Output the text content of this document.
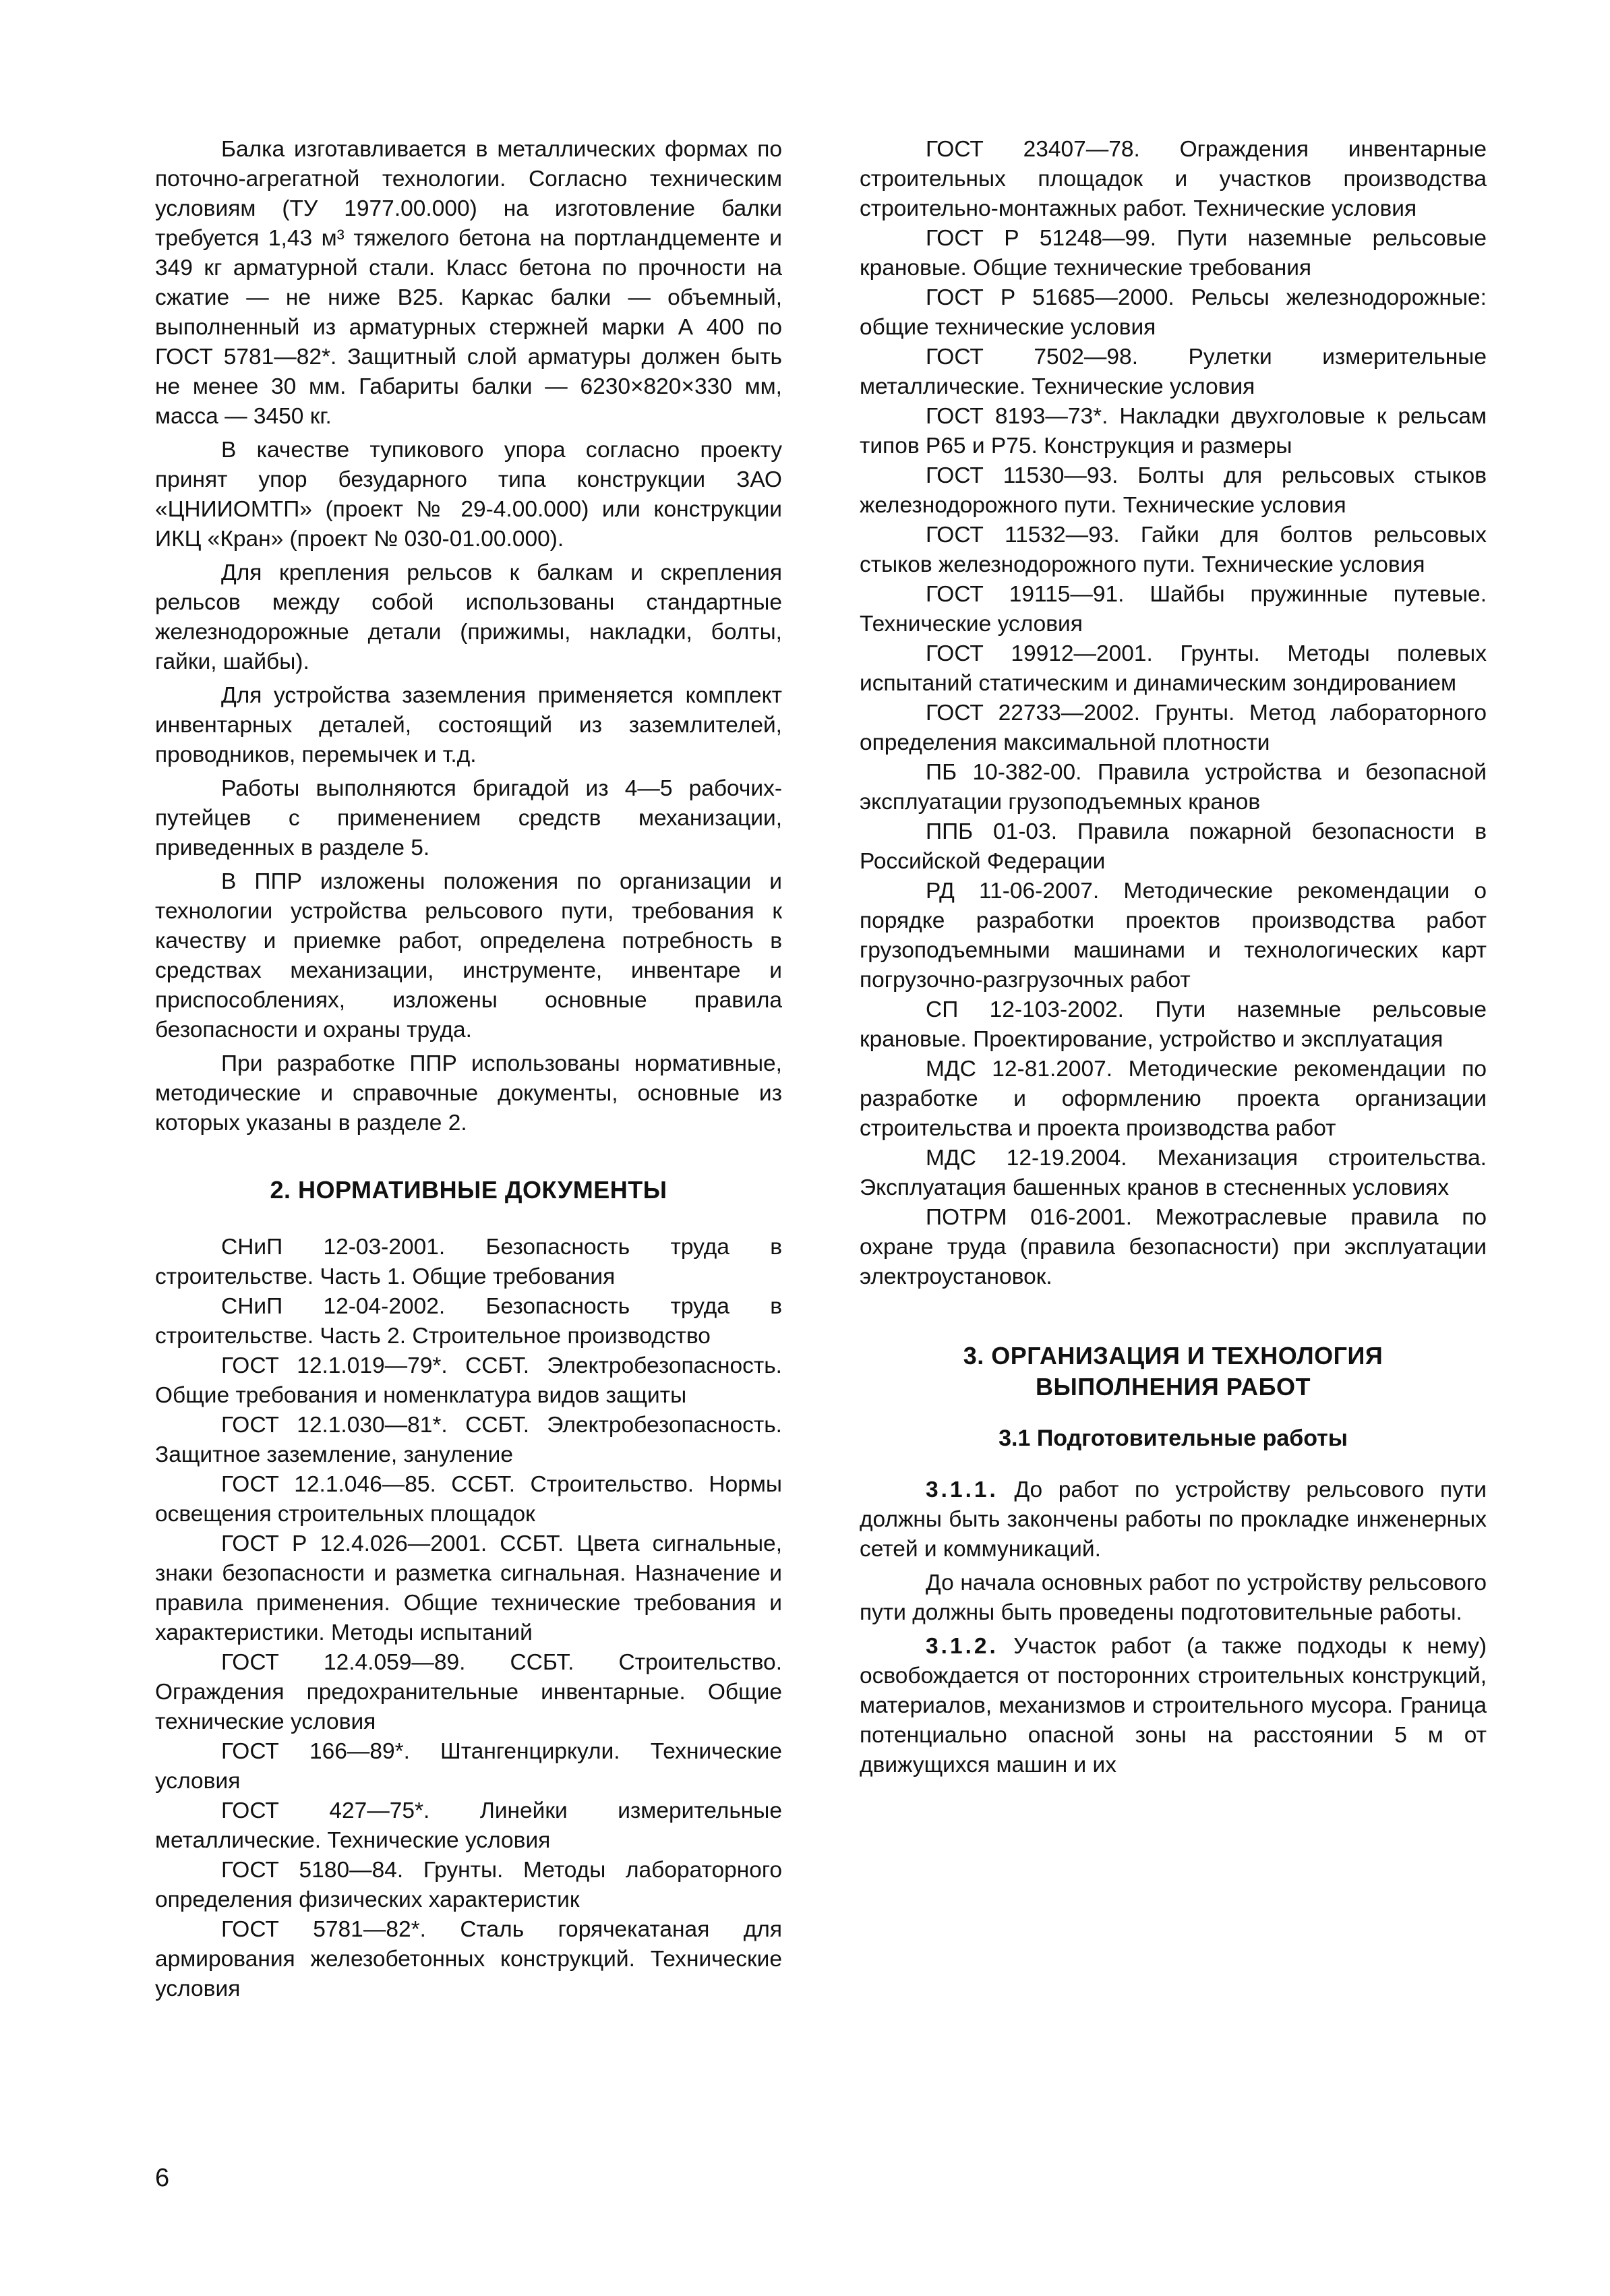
Балка изготавливается в металлических формах по поточно-агрегатной технологии. Согласно техническим условиям (ТУ 1977.00.000) на изготовление балки требуется 1,43 м³ тяжелого бетона на портландцементе и 349 кг арматурной стали. Класс бетона по прочности на сжатие — не ниже В25. Каркас балки — объемный, выполненный из арматурных стержней марки А 400 по ГОСТ 5781—82*. Защитный слой арматуры должен быть не менее 30 мм. Габариты балки — 6230×820×330 мм, масса — 3450 кг.

В качестве тупикового упора согласно проекту принят упор безударного типа конструкции ЗАО «ЦНИИОМТП» (проект № 29-4.00.000) или конструкции ИКЦ «Кран» (проект № 030-01.00.000).

Для крепления рельсов к балкам и скрепления рельсов между собой использованы стандартные железнодорожные детали (прижимы, накладки, болты, гайки, шайбы).

Для устройства заземления применяется комплект инвентарных деталей, состоящий из заземлителей, проводников, перемычек и т.д.

Работы выполняются бригадой из 4—5 рабочих-путейцев с применением средств механизации, приведенных в разделе 5.

В ППР изложены положения по организации и технологии устройства рельсового пути, требования к качеству и приемке работ, определена потребность в средствах механизации, инструменте, инвентаре и приспособлениях, изложены основные правила безопасности и охраны труда.

При разработке ППР использованы нормативные, методические и справочные документы, основные из которых указаны в разделе 2.

2. НОРМАТИВНЫЕ ДОКУМЕНТЫ

СНиП 12-03-2001. Безопасность труда в строительстве. Часть 1. Общие требования

СНиП 12-04-2002. Безопасность труда в строительстве. Часть 2. Строительное производство

ГОСТ 12.1.019—79*. ССБТ. Электробезопасность. Общие требования и номенклатура видов защиты

ГОСТ 12.1.030—81*. ССБТ. Электробезопасность. Защитное заземление, зануление

ГОСТ 12.1.046—85. ССБТ. Строительство. Нормы освещения строительных площадок

ГОСТ Р 12.4.026—2001. ССБТ. Цвета сигнальные, знаки безопасности и разметка сигнальная. Назначение и правила применения. Общие технические требования и характеристики. Методы испытаний

ГОСТ 12.4.059—89. ССБТ. Строительство. Ограждения предохранительные инвентарные. Общие технические условия

ГОСТ 166—89*. Штангенциркули. Технические условия

ГОСТ 427—75*. Линейки измерительные металлические. Технические условия

ГОСТ 5180—84. Грунты. Методы лабораторного определения физических характеристик

ГОСТ 5781—82*. Сталь горячекатаная для армирования железобетонных конструкций. Технические условия

ГОСТ 23407—78. Ограждения инвентарные строительных площадок и участков производства строительно-монтажных работ. Технические условия

ГОСТ Р 51248—99. Пути наземные рельсовые крановые. Общие технические требования

ГОСТ Р 51685—2000. Рельсы железнодорожные: общие технические условия

ГОСТ 7502—98. Рулетки измерительные металлические. Технические условия

ГОСТ 8193—73*. Накладки двухголовые к рельсам типов Р65 и Р75. Конструкция и размеры

ГОСТ 11530—93. Болты для рельсовых стыков железнодорожного пути. Технические условия

ГОСТ 11532—93. Гайки для болтов рельсовых стыков железнодорожного пути. Технические условия

ГОСТ 19115—91. Шайбы пружинные путевые. Технические условия

ГОСТ 19912—2001. Грунты. Методы полевых испытаний статическим и динамическим зондированием

ГОСТ 22733—2002. Грунты. Метод лабораторного определения максимальной плотности

ПБ 10-382-00. Правила устройства и безопасной эксплуатации грузоподъемных кранов

ППБ 01-03. Правила пожарной безопасности в Российской Федерации

РД 11-06-2007. Методические рекомендации о порядке разработки проектов производства работ грузоподъемными машинами и технологических карт погрузочно-разгрузочных работ

СП 12-103-2002. Пути наземные рельсовые крановые. Проектирование, устройство и эксплуатация

МДС 12-81.2007. Методические рекомендации по разработке и оформлению проекта организации строительства и проекта производства работ

МДС 12-19.2004. Механизация строительства. Эксплуатация башенных кранов в стесненных условиях

ПОТРМ 016-2001. Межотраслевые правила по охране труда (правила безопасности) при эксплуатации электроустановок.

3. ОРГАНИЗАЦИЯ И ТЕХНОЛОГИЯ
ВЫПОЛНЕНИЯ РАБОТ
3.1 Подготовительные работы

3.1.1. До работ по устройству рельсового пути должны быть закончены работы по прокладке инженерных сетей и коммуникаций.

До начала основных работ по устройству рельсового пути должны быть проведены подготовительные работы.

3.1.2. Участок работ (а также подходы к нему) освобождается от посторонних строительных конструкций, материалов, механизмов и строительного мусора. Граница потенциально опасной зоны на расстоянии 5 м от движущихся машин и их

6
